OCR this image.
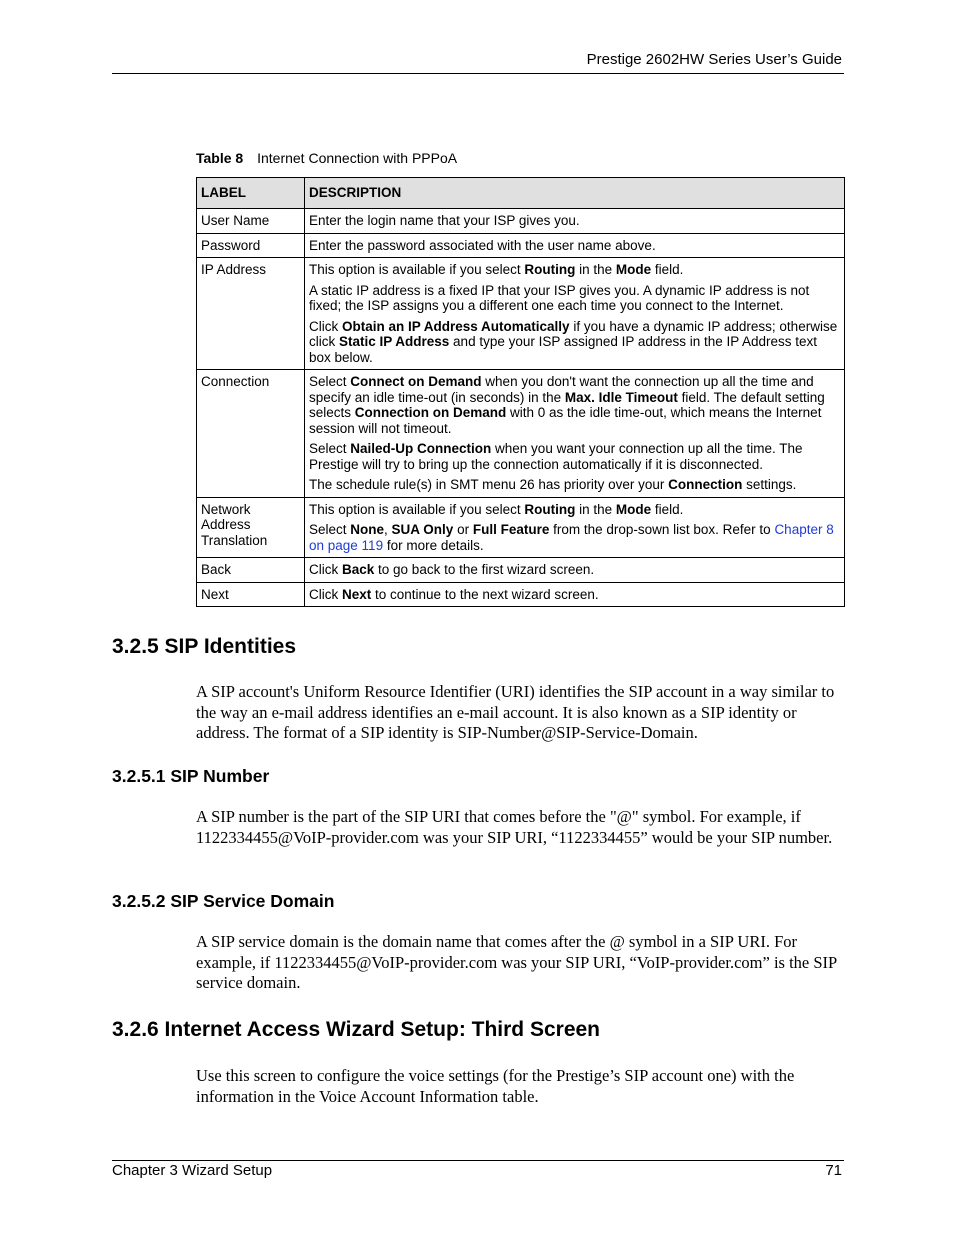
Prestige 2602HW Series User’s Guide
Table 8 Internet Connection with PPPoA
LABEL	DESCRIPTION
User Name	Enter the login name that your ISP gives you.

Password	Enter the password associated with the user name above.

IP Address	This option is available if you select Routing in the Mode field.

A static IP address is a fixed IP that your ISP gives you. A dynamic IP address is not fixed; the ISP assigns you a different one each time you connect to the Internet.

Click Obtain an IP Address Automatically if you have a dynamic IP address; otherwise click Static IP Address and type your ISP assigned IP address in the IP Address text box below.

Connection	Select Connect on Demand when you don't want the connection up all the time and specify an idle time-out (in seconds) in the Max. Idle Timeout field. The default setting selects Connection on Demand with 0 as the idle time-out, which means the Internet session will not timeout.

Select Nailed-Up Connection when you want your connection up all the time. The Prestige will try to bring up the connection automatically if it is disconnected.

The schedule rule(s) in SMT menu 26 has priority over your Connection settings.

Network Address Translation	This option is available if you select Routing in the Mode field.

Select None, SUA Only or Full Feature from the drop-sown list box. Refer to Chapter 8 on page 119 for more details.

Back	Click Back to go back to the first wizard screen.

Next	Click Next to continue to the next wizard screen.

3.2.5 SIP Identities

A SIP account's Uniform Resource Identifier (URI) identifies the SIP account in a way similar to the way an e-mail address identifies an e-mail account. It is also known as a SIP identity or address. The format of a SIP identity is SIP-Number@SIP-Service-Domain.

3.2.5.1 SIP Number

A SIP number is the part of the SIP URI that comes before the "@" symbol. For example, if 1122334455@VoIP-provider.com was your SIP URI, “1122334455” would be your SIP number.

3.2.5.2 SIP Service Domain

A SIP service domain is the domain name that comes after the @ symbol in a SIP URI. For example, if 1122334455@VoIP-provider.com was your SIP URI, “VoIP-provider.com” is the SIP service domain.

3.2.6 Internet Access Wizard Setup: Third Screen

Use this screen to configure the voice settings (for the Prestige’s SIP account one) with the information in the Voice Account Information table.

Chapter 3 Wizard Setup	71
